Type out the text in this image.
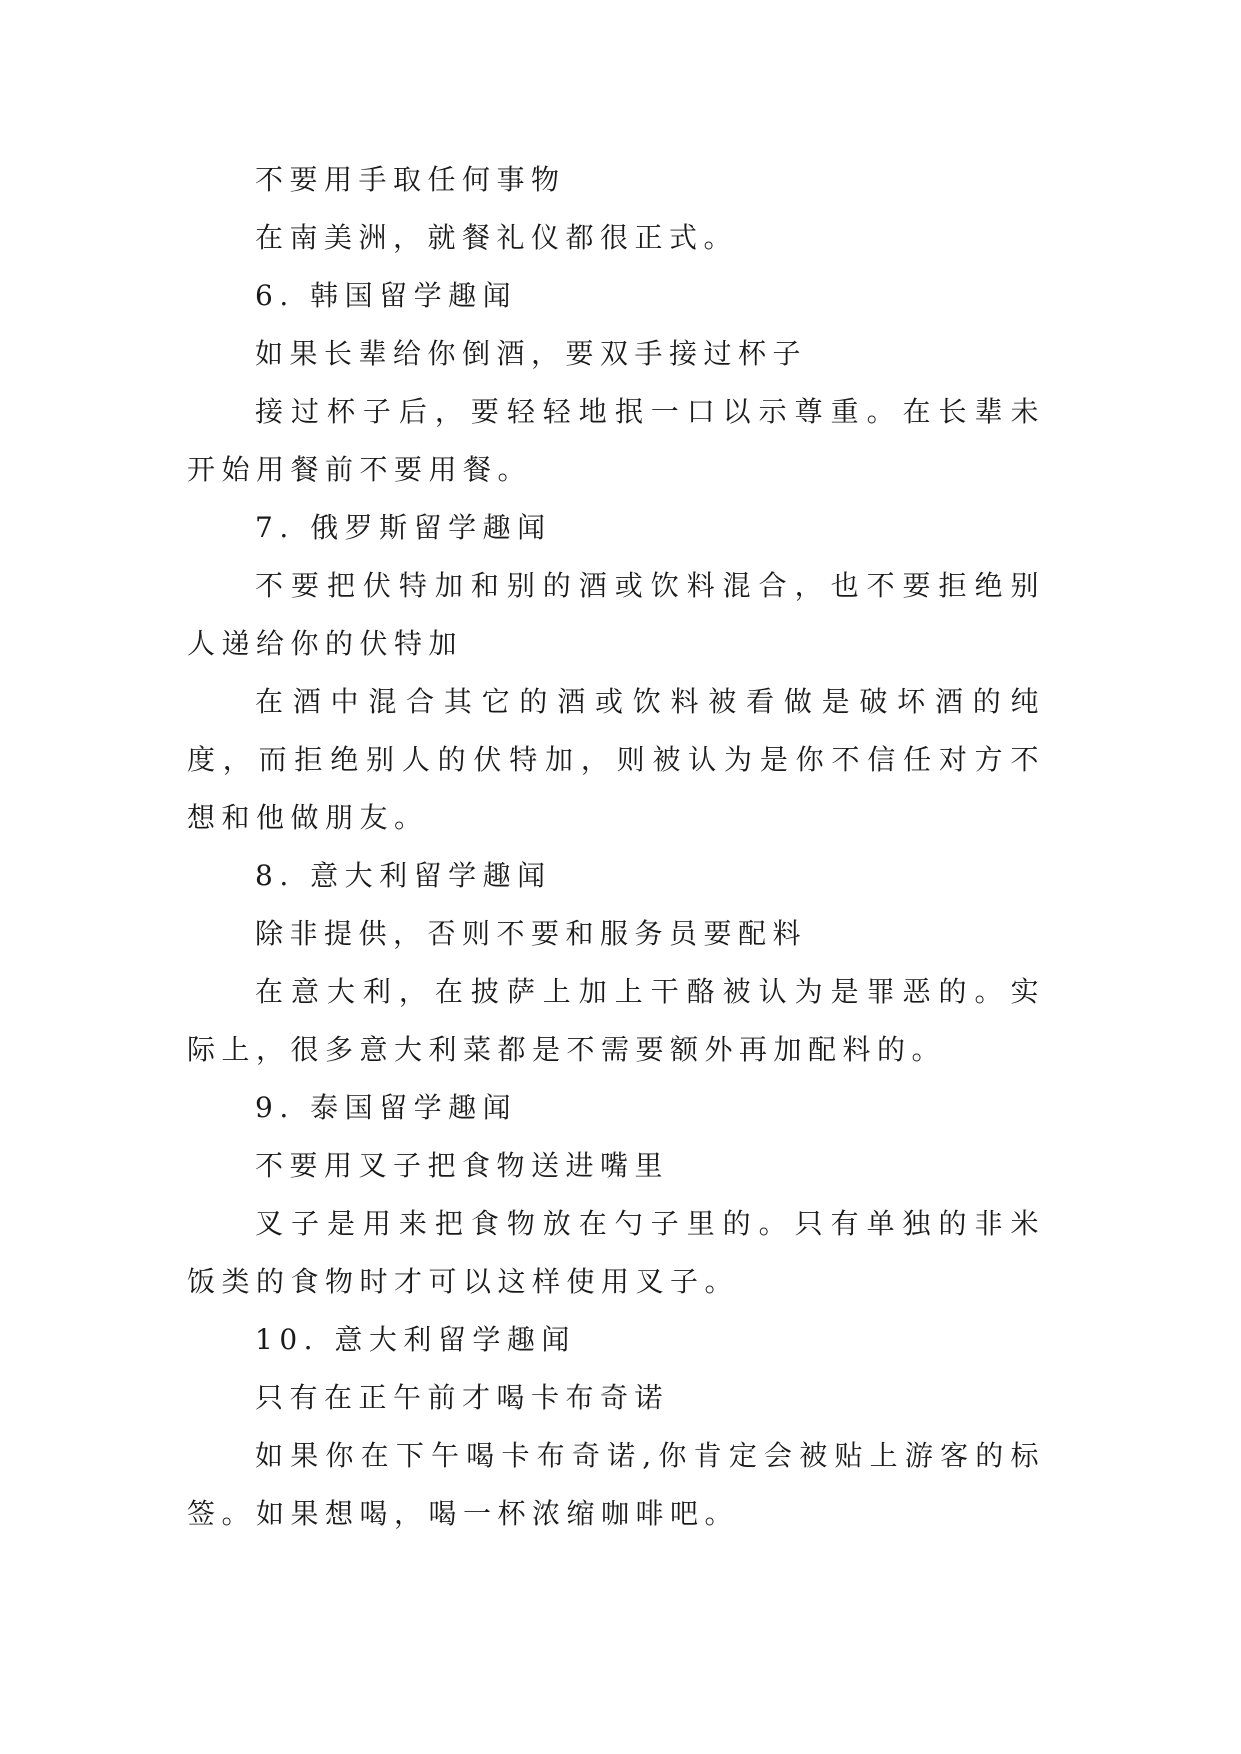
不要用手取任何事物

在南美洲，就餐礼仪都很正式。

6. 韩国留学趣闻

如果长辈给你倒酒，要双手接过杯子

接过杯子后，要轻轻地抿一口以示尊重。在长辈未开始用餐前不要用餐。

7. 俄罗斯留学趣闻

不要把伏特加和别的酒或饮料混合，也不要拒绝别人递给你的伏特加

在酒中混合其它的酒或饮料被看做是破坏酒的纯度，而拒绝别人的伏特加，则被认为是你不信任对方不想和他做朋友。

8. 意大利留学趣闻

除非提供，否则不要和服务员要配料

在意大利，在披萨上加上干酪被认为是罪恶的。实际上，很多意大利菜都是不需要额外再加配料的。

9. 泰国留学趣闻

不要用叉子把食物送进嘴里

叉子是用来把食物放在勺子里的。只有单独的非米饭类的食物时才可以这样使用叉子。

10. 意大利留学趣闻

只有在正午前才喝卡布奇诺

如果你在下午喝卡布奇诺,你肯定会被贴上游客的标签。如果想喝，喝一杯浓缩咖啡吧。
